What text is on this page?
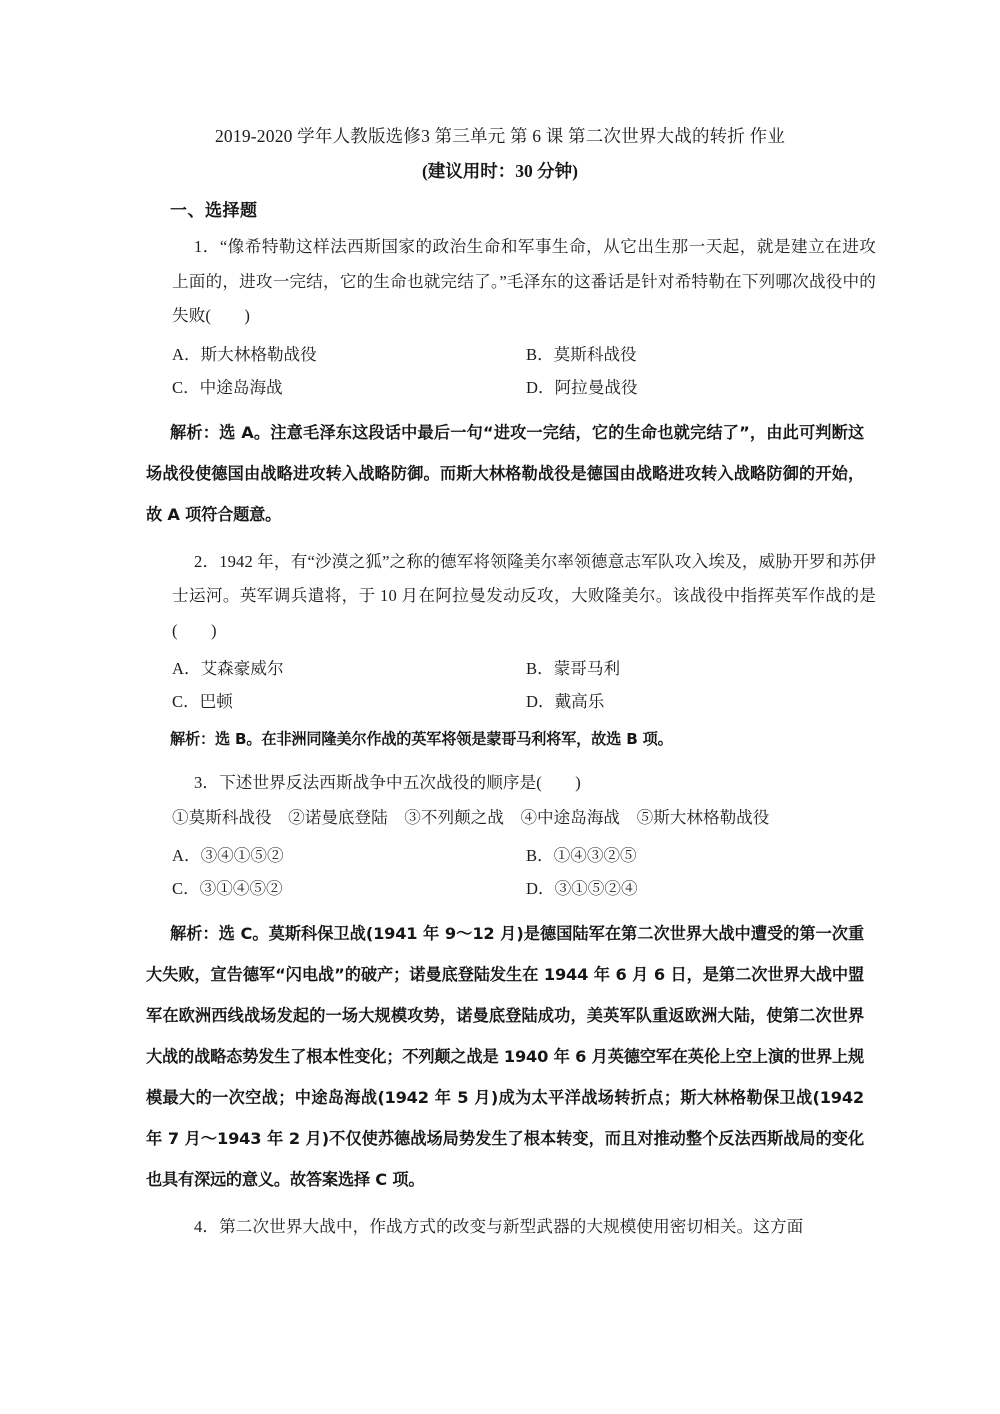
2019-2020 学年人教版选修3 第三单元 第 6 课 第二次世界大战的转折 作业
(建议用时：30 分钟)
一、选择题

1．“像希特勒这样法西斯国家的政治生命和军事生命，从它出生那一天起，就是建立在进攻上面的，进攻一完结，它的生命也就完结了。”毛泽东的这番话是针对希特勒在下列哪次战役中的失败(　　)

A．斯大林格勒战役	B．莫斯科战役
C．中途岛海战	D．阿拉曼战役

解析：选 A。注意毛泽东这段话中最后一句“进攻一完结，它的生命也就完结了”，由此可判断这场战役使德国由战略进攻转入战略防御。而斯大林格勒战役是德国由战略进攻转入战略防御的开始，故 A 项符合题意。

2．1942 年，有“沙漠之狐”之称的德军将领隆美尔率领德意志军队攻入埃及，威胁开罗和苏伊士运河。英军调兵遣将，于 10 月在阿拉曼发动反攻，大败隆美尔。该战役中指挥英军作战的是(　　)

A．艾森豪威尔	B．蒙哥马利
C．巴顿	D．戴高乐

解析：选 B。在非洲同隆美尔作战的英军将领是蒙哥马利将军，故选 B 项。

3．下述世界反法西斯战争中五次战役的顺序是(　　)

①莫斯科战役　②诺曼底登陆　③不列颠之战　④中途岛海战　⑤斯大林格勒战役

A．③④①⑤②	B．①④③②⑤
C．③①④⑤②	D．③①⑤②④

解析：选 C。莫斯科保卫战(1941 年 9～12 月)是德国陆军在第二次世界大战中遭受的第一次重大失败，宣告德军“闪电战”的破产；诺曼底登陆发生在 1944 年 6 月 6 日，是第二次世界大战中盟军在欧洲西线战场发起的一场大规模攻势，诺曼底登陆成功，美英军队重返欧洲大陆，使第二次世界大战的战略态势发生了根本性变化；不列颠之战是 1940 年 6 月英德空军在英伦上空上演的世界上规模最大的一次空战；中途岛海战(1942 年 5 月)成为太平洋战场转折点；斯大林格勒保卫战(1942 年 7 月～1943 年 2 月)不仅使苏德战场局势发生了根本转变，而且对推动整个反法西斯战局的变化也具有深远的意义。故答案选择 C 项。

4．第二次世界大战中，作战方式的改变与新型武器的大规模使用密切相关。这方面
